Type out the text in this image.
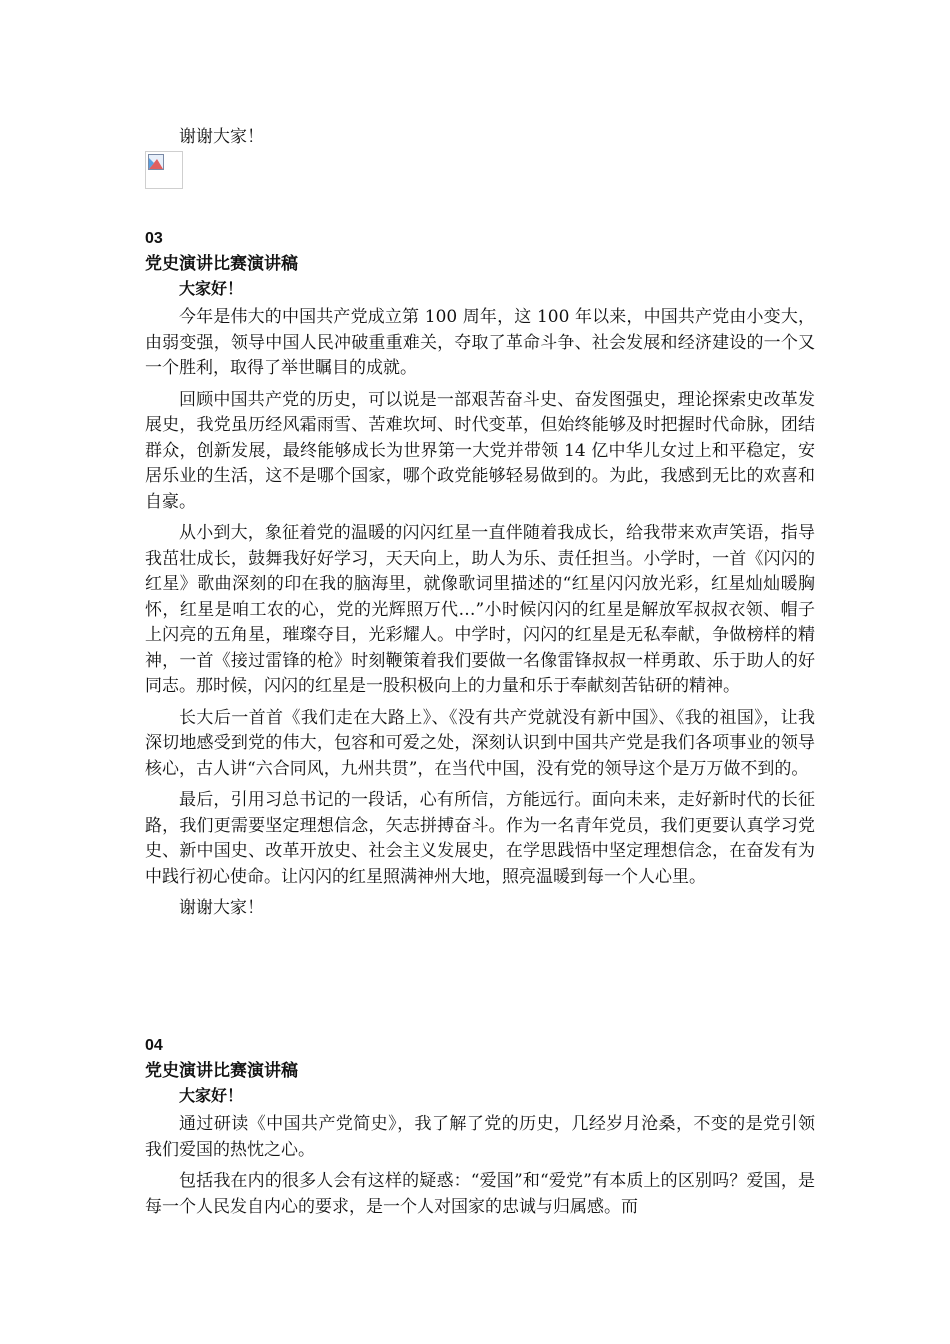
谢谢大家！

03

党史演讲比赛演讲稿

大家好！

今年是伟大的中国共产党成立第 100 周年，这 100 年以来，中国共产党由小变大，由弱变强，领导中国人民冲破重重难关，夺取了革命斗争、社会发展和经济建设的一个又一个胜利，取得了举世瞩目的成就。

回顾中国共产党的历史，可以说是一部艰苦奋斗史、奋发图强史，理论探索史改革发展史，我党虽历经风霜雨雪、苦难坎坷、时代变革，但始终能够及时把握时代命脉，团结群众，创新发展，最终能够成长为世界第一大党并带领 14 亿中华儿女过上和平稳定，安居乐业的生活，这不是哪个国家，哪个政党能够轻易做到的。为此，我感到无比的欢喜和自豪。

从小到大，象征着党的温暖的闪闪红星一直伴随着我成长，给我带来欢声笑语，指导我茁壮成长，鼓舞我好好学习，天天向上，助人为乐、责任担当。小学时，一首《闪闪的红星》歌曲深刻的印在我的脑海里，就像歌词里描述的“红星闪闪放光彩，红星灿灿暖胸怀，红星是咱工农的心，党的光辉照万代…”小时候闪闪的红星是解放军叔叔衣领、帽子上闪亮的五角星，璀璨夺目，光彩耀人。中学时，闪闪的红星是无私奉献，争做榜样的精神，一首《接过雷锋的枪》时刻鞭策着我们要做一名像雷锋叔叔一样勇敢、乐于助人的好同志。那时候，闪闪的红星是一股积极向上的力量和乐于奉献刻苦钻研的精神。

长大后一首首《我们走在大路上》、《没有共产党就没有新中国》、《我的祖国》，让我深切地感受到党的伟大，包容和可爱之处，深刻认识到中国共产党是我们各项事业的领导核心，古人讲“六合同风，九州共贯”，在当代中国，没有党的领导这个是万万做不到的。

最后，引用习总书记的一段话，心有所信，方能远行。面向未来，走好新时代的长征路，我们更需要坚定理想信念，矢志拼搏奋斗。作为一名青年党员，我们更要认真学习党史、新中国史、改革开放史、社会主义发展史，在学思践悟中坚定理想信念，在奋发有为中践行初心使命。让闪闪的红星照满神州大地，照亮温暖到每一个人心里。

谢谢大家！

04

党史演讲比赛演讲稿

大家好！

通过研读《中国共产党简史》，我了解了党的历史，几经岁月沧桑，不变的是党引领我们爱国的热忱之心。

包括我在内的很多人会有这样的疑惑：“爱国”和“爱党”有本质上的区别吗？爱国，是每一个人民发自内心的要求，是一个人对国家的忠诚与归属感。而
